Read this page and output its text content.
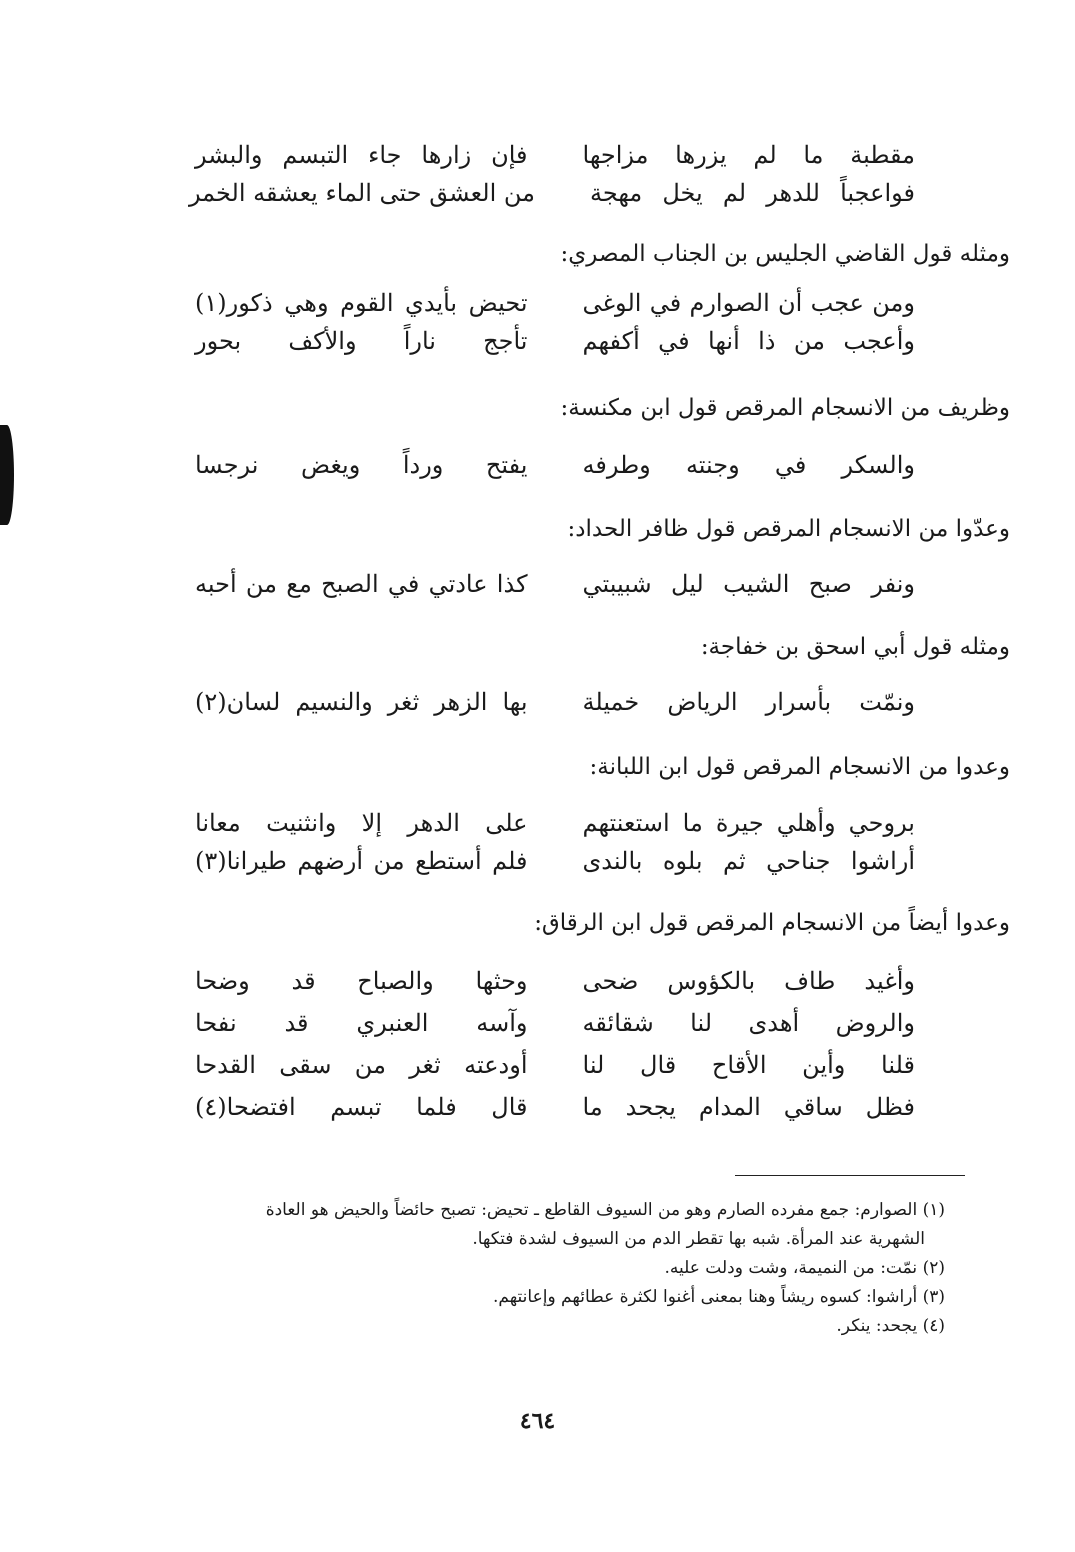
مقطبة ما لم يزرها مزاجها
فإن زارها جاء التبسم والبشر
فواعجباً للدهر لم يخل مهجة
من العشق حتى الماء يعشقه الخمر
ومثله قول القاضي الجليس بن الجناب المصري:
ومن عجب أن الصوارم في الوغى
تحيض بأيدي القوم وهي ذكور(١)
وأعجب من ذا أنها في أكفهم
تأجج ناراً والأكف بحور
وظريف من الانسجام المرقص قول ابن مكنسة:
والسكر في وجنته وطرفه
يفتح ورداً ويغض نرجسا
وعدّوا من الانسجام المرقص قول ظافر الحداد:
ونفر صبح الشيب ليل شبيبتي
كذا عادتي في الصبح مع من أحبه
ومثله قول أبي اسحق بن خفاجة:
ونمّت بأسرار الرياض خميلة
بها الزهر ثغر والنسيم لسان(٢)
وعدوا من الانسجام المرقص قول ابن اللبانة:
بروحي وأهلي جيرة ما استعنتهم
على الدهر إلا وانثنيت معانا
أراشوا جناحي ثم بلوه بالندى
فلم أستطع من أرضهم طيرانا(٣)
وعدوا أيضاً من الانسجام المرقص قول ابن الرقاق:
وأغيد طاف بالكؤوس ضحى
وحثها والصباح قد وضحا
والروض أهدى لنا شقائقه
وآسه العنبري قد نفحا
قلنا وأين الأقاح قال لنا
أودعته ثغر من سقى القدحا
فظل ساقي المدام يجحد ما
قال فلما تبسم افتضحا(٤)

(١) الصوارم: جمع مفرده الصارم وهو من السيوف القاطع ـ تحيض: تصبح حائضاً والحيض هو العادة
الشهرية عند المرأة. شبه بها تقطر الدم من السيوف لشدة فتكها.

(٢) نمّت: من النميمة، وشت ودلت عليه.

(٣) أراشوا: كسوه ريشاً وهنا بمعنى أغنوا لكثرة عطائهم وإعانتهم.

(٤) يجحد: ينكر.

٤٦٤
